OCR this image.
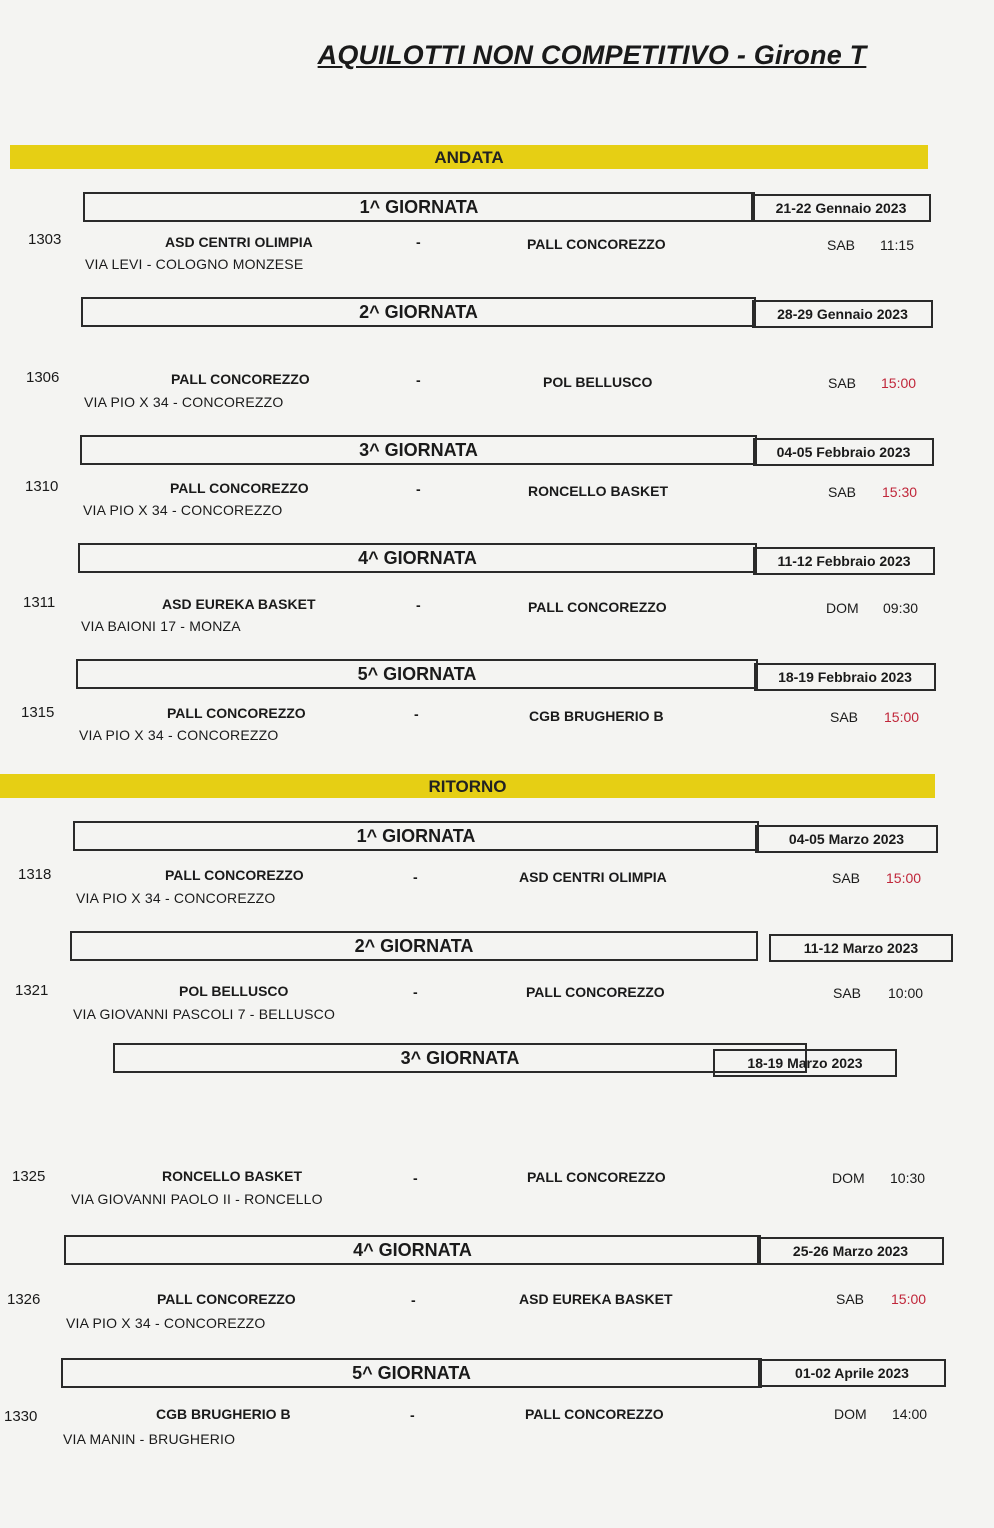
AQUILOTTI NON COMPETITIVO - Girone T
ANDATA
1^ GIORNATA	21-22 Gennaio 2023
1303	ASD CENTRI OLIMPIA	-	PALL CONCOREZZO	SAB 11:15
VIA LEVI - COLOGNO MONZESE
2^ GIORNATA	28-29 Gennaio 2023
1306	PALL CONCOREZZO	-	POL BELLUSCO	SAB 15:00
VIA PIO X 34 - CONCOREZZO
3^ GIORNATA	04-05 Febbraio 2023
1310	PALL CONCOREZZO	-	RONCELLO BASKET	SAB 15:30
VIA PIO X 34 - CONCOREZZO
4^ GIORNATA	11-12 Febbraio 2023
1311	ASD EUREKA BASKET	-	PALL CONCOREZZO	DOM 09:30
VIA BAIONI 17 - MONZA
5^ GIORNATA	18-19 Febbraio 2023
1315	PALL CONCOREZZO	-	CGB BRUGHERIO B	SAB 15:00
VIA PIO X 34 - CONCOREZZO
RITORNO
1^ GIORNATA	04-05 Marzo 2023
1318	PALL CONCOREZZO	-	ASD CENTRI OLIMPIA	SAB 15:00
VIA PIO X 34 - CONCOREZZO
2^ GIORNATA	11-12 Marzo 2023
1321	POL BELLUSCO	-	PALL CONCOREZZO	SAB 10:00
VIA GIOVANNI PASCOLI 7 - BELLUSCO
3^ GIORNATA	18-19 Marzo 2023
1325	RONCELLO BASKET	-	PALL CONCOREZZO	DOM 10:30
VIA GIOVANNI PAOLO II - RONCELLO
4^ GIORNATA	25-26 Marzo 2023
1326	PALL CONCOREZZO	-	ASD EUREKA BASKET	SAB 15:00
VIA PIO X 34 - CONCOREZZO
5^ GIORNATA	01-02 Aprile 2023
1330	CGB BRUGHERIO B	-	PALL CONCOREZZO	DOM 14:00
VIA MANIN - BRUGHERIO
